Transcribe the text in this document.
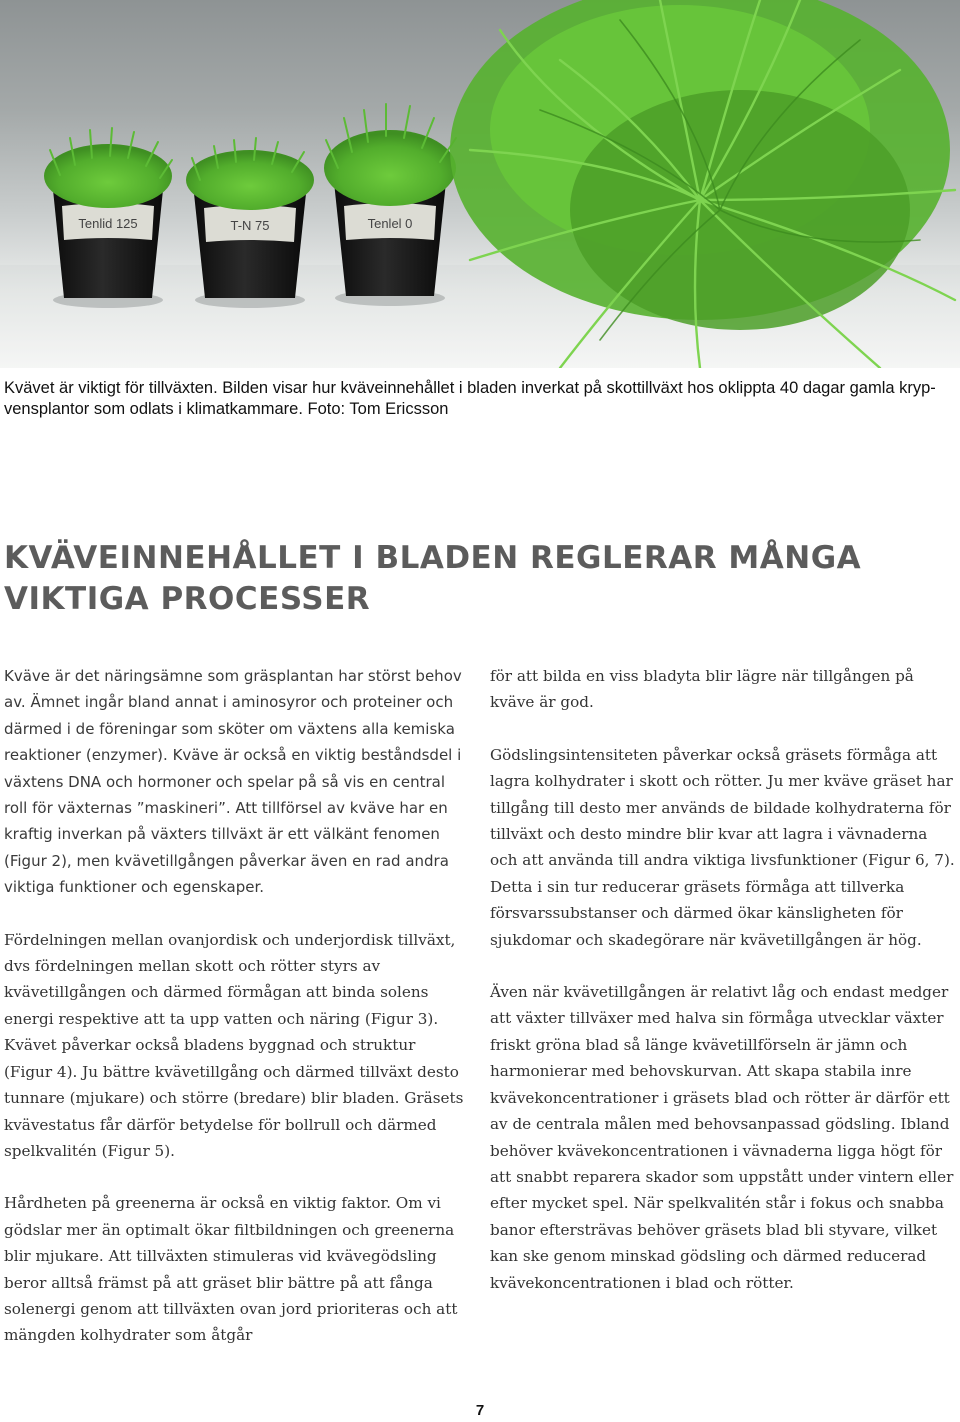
Tenlid 125	T-N 75	Tenlel 0

Kvävet är viktigt för tillväxten. Bilden visar hur kväveinnehållet i bladen inverkat på skottillväxt hos oklippta 40 dagar gamla kryp-vensplantor som odlats i klimatkammare. Foto: Tom Ericsson

KVÄVEINNEHÅLLET I BLADEN REGLERAR MÅNGA VIKTIGA PROCESSER

Kväve är det näringsämne som gräsplantan har störst behov av. Ämnet ingår bland annat i aminosyror och proteiner och därmed i de föreningar som sköter om växtens alla kemiska reaktioner (enzymer). Kväve är också en viktig beståndsdel i växtens DNA och hormoner och spelar på så vis en central roll för växternas ”maskineri”. Att tillförsel av kväve har en kraftig inverkan på växters tillväxt är ett välkänt fenomen (Figur 2), men kvävetillgången påverkar även en rad andra viktiga funktioner och egenskaper.

Fördelningen mellan ovanjordisk och underjordisk tillväxt, dvs fördelningen mellan skott och rötter styrs av kvävetillgången och därmed förmågan att binda solens energi respektive att ta upp vatten och näring (Figur 3). Kvävet påverkar också bladens byggnad och struktur (Figur 4). Ju bättre kvävetillgång och därmed tillväxt desto tunnare (mjukare) och större (bredare) blir bladen. Gräsets kvävestatus får därför betydelse för bollrull och därmed spelkvalitén (Figur 5).

Hårdheten på greenerna är också en viktig faktor. Om vi gödslar mer än optimalt ökar filtbildningen och greenerna blir mjukare. Att tillväxten stimuleras vid kvävegödsling beror alltså främst på att gräset blir bättre på att fånga solenergi genom att tillväxten ovan jord prioriteras och att mängden kolhydrater som åtgår

för att bilda en viss bladyta blir lägre när tillgången på kväve är god.

Gödslingsintensiteten påverkar också gräsets förmåga att lagra kolhydrater i skott och rötter. Ju mer kväve gräset har tillgång till desto mer används de bildade kolhydraterna för tillväxt och desto mindre blir kvar att lagra i vävnaderna och att använda till andra viktiga livsfunktioner (Figur 6, 7). Detta i sin tur reducerar gräsets förmåga att tillverka försvarssubstanser och därmed ökar känsligheten för sjukdomar och skadegörare när kvävetillgången är hög.

Även när kvävetillgången är relativt låg och endast medger att växter tillväxer med halva sin förmåga utvecklar växter friskt gröna blad så länge kvävetillförseln är jämn och harmonierar med behovskurvan. Att skapa stabila inre kvävekoncentrationer i gräsets blad och rötter är därför ett av de centrala målen med behovsanpassad gödsling. Ibland behöver kvävekoncentrationen i vävnaderna ligga högt för att snabbt reparera skador som uppstått under vintern eller efter mycket spel. När spelkvalitén står i fokus och snabba banor eftersträvas behöver gräsets blad bli styvare, vilket kan ske genom minskad gödsling och därmed reducerad kvävekoncentrationen i blad och rötter.

7
